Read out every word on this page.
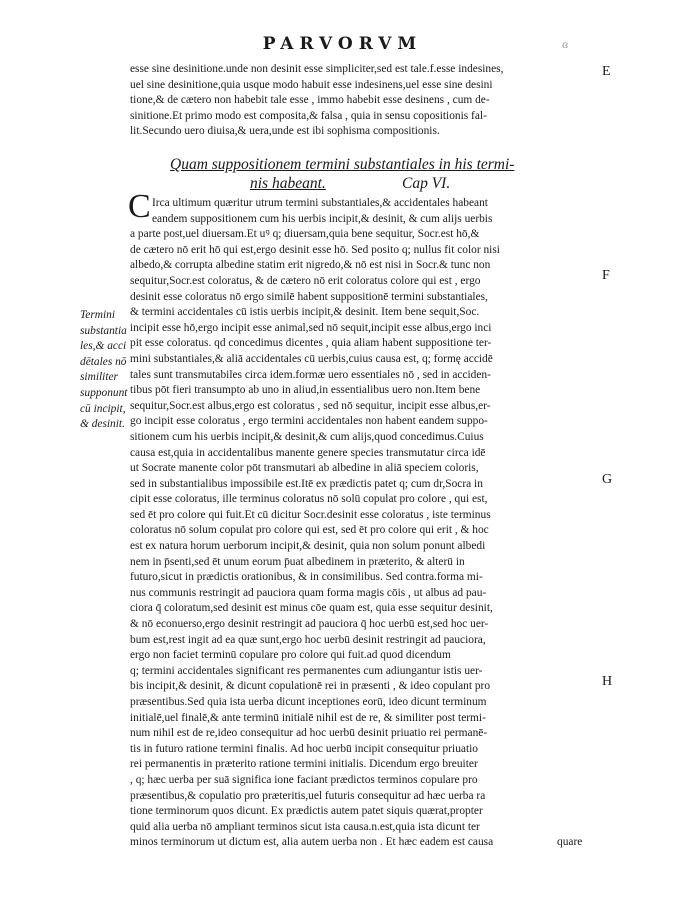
PARVORVM	ɞ
esse sine desinitione.unde non desinit esse simpliciter,sed est tale.f.esse indesines,
uel sine desinitione,quia usque modo habuit esse indesinens,uel esse sine desini
tione,& de cætero non habebit tale esse , immo habebit esse desinens , cum de-
sinitione.Et primo modo est composita,& falsa , quia in sensu copositionis fal-
lit.Secundo uero diuisa,& uera,unde est ibi sophisma compositionis.
Quam suppositionem termini substantiales in his termi-
nis habeant.	Cap VI.
C Irca ultimum quæritur utrum termini substantiales,& accidentales habeant
eandem suppositionem cum his uerbis incipit,& desinit, & cum alijs uerbis
a parte post,uel diuersam.Et uꝰ q; diuersam,quia bene sequitur, Socr.est hō,&
de cætero nō erit hō qui est,ergo desinit esse hō. Sed posito q; nullus fit color nisi
albedo,& corrupta albedine statim erit nigredo,& nō est nisi in Socr.& tunc non
sequitur,Socr.est coloratus, & de cætero nō erit coloratus colore qui est , ergo
desinit esse coloratus nō ergo similē habent suppositionē termini substantiales,
& termini accidentales cū istis uerbis incipit,& desinit. Item bene sequit,Soc.
incipit esse hō,ergo incipit esse animal,sed nō sequit,incipit esse albus,ergo inci
pit esse coloratus. qd concedimus dicentes , quia aliam habent suppositione ter-
mini substantiales,& aliā accidentales cū uerbis,cuius causa est, q; formę accidē
tales sunt transmutabiles circa idem.formæ uero essentiales nō , sed in acciden-
tibus pōt fieri transumpto ab uno in aliud,in essentialibus uero non.Item bene
sequitur,Socr.est albus,ergo est coloratus , sed nō sequitur, incipit esse albus,er-
go incipit esse coloratus , ergo termini accidentales non habent eandem suppo-
sitionem cum his uerbis incipit,& desinit,& cum alijs,quod concedimus.Cuius
causa est,quia in accidentalibus manente genere species transmutatur circa idē
ut Socrate manente color pōt transmutari ab albedine in aliā speciem coloris,
sed in substantialibus impossibile est.Itē ex prædictis patet q; cum dr,Socra in
cipit esse coloratus, ille terminus coloratus nō solū copulat pro colore , qui est,
sed ēt pro colore qui fuit.Et cū dicitur Socr.desinit esse coloratus , iste terminus
coloratus nō solum copulat pro colore qui est, sed ēt pro colore qui erit , & hoc
est ex natura horum uerborum incipit,& desinit, quia non solum ponunt albedi
nem in p̄senti,sed ēt unum eorum p̄uat albedinem in præterito, & alterū in
futuro,sicut in prædictis orationibus, & in consimilibus. Sed contra.forma mi-
nus communis restringit ad pauciora quam forma magis cōis , ut albus ad pau-
ciora q̄ coloratum,sed desinit est minus cōe quam est, quia esse sequitur desinit,
& nō econuerso,ergo desinit restringit ad pauciora q̄ hoc uerbū est,sed hoc uer-
bum est,rest ingit ad ea quæ sunt,ergo hoc uerbū desinit restringit ad pauciora,
ergo non faciet terminū copulare pro colore qui fuit.ad quod dicendum
q; termini accidentales significant res permanentes cum adiungantur istis uer-
bis incipit,& desinit, & dicunt copulationē rei in præsenti , & ideo copulant pro
præsentibus.Sed quia ista uerba dicunt inceptiones eorū, ideo dicunt terminum
initialē,uel finalē,& ante terminū initialē nihil est de re, & similiter post termi-
num nihil est de re,ideo consequitur ad hoc uerbū desinit priuatio rei permanē-
tis in futuro ratione termini finalis. Ad hoc uerbū incipit consequitur priuatio
rei permanentis in præterito ratione termini initialis. Dicendum ergo breuiter
, q; hæc uerba per suā significa ione faciant prædictos terminos copulare pro
præsentibus,& copulatio pro præteritis,uel futuris consequitur ad hæc uerba ra
tione terminorum quos dicunt. Ex prædictis autem patet siquis quærat,propter
quid alia uerba nō ampliant terminos sicut ista causa.n.est,quia ista dicunt ter
minos terminorum ut dictum est, alia autem uerba non . Et hæc eadem est causa
Termini
substantia
les,& acci
dētales nō
similiter
supponunt
cū incipit,
& desinit.
E
F
G
H
quare
